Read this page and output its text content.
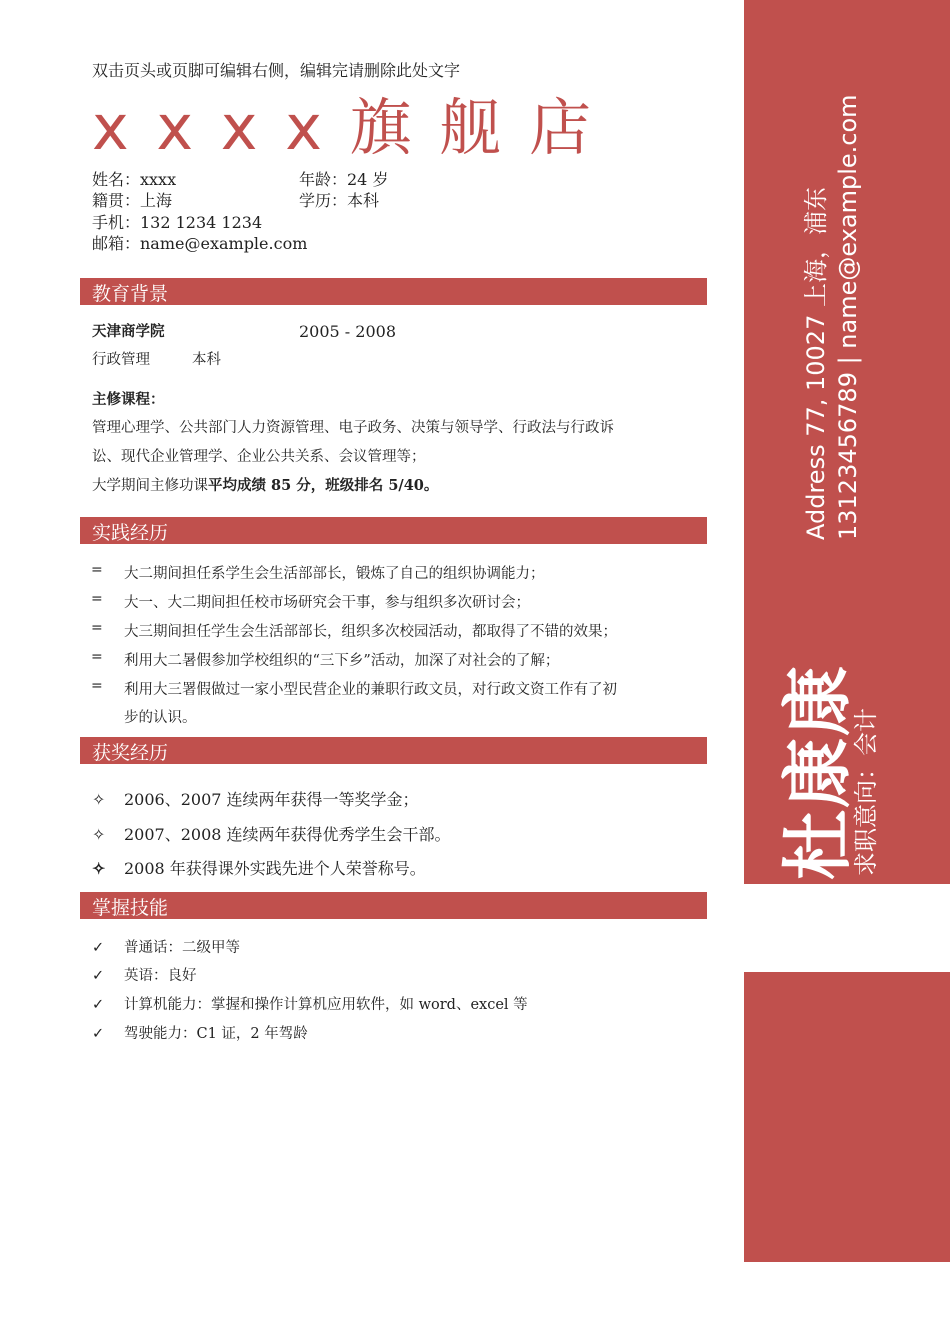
双击页头或页脚可编辑右侧，编辑完请删除此处文字
x x x x 旗 舰 店
姓名：xxxx	年龄：24 岁
籍贯：上海	学历：本科
手机：132 1234 1234
邮箱：name@example.com
教育背景
天津商学院	2005 - 2008
行政管理	本科
主修课程：
管理心理学、公共部门人力资源管理、电子政务、决策与领导学、行政法与行政诉
讼、现代企业管理学、企业公共关系、会议管理等；
大学期间主修功课平均成绩 85 分，班级排名 5/40。
实践经历
= 大二期间担任系学生会生活部部长，锻炼了自己的组织协调能力；
= 大一、大二期间担任校市场研究会干事，参与组织多次研讨会；
= 大三期间担任学生会生活部部长，组织多次校园活动，都取得了不错的效果；
= 利用大二暑假参加学校组织的“三下乡”活动，加深了对社会的了解；
= 利用大三署假做过一家小型民营企业的兼职行政文员，对行政文资工作有了初
步的认识。
获奖经历
✧ 2006、2007 连续两年获得一等奖学金；
✧ 2007、2008 连续两年获得优秀学生会干部。
✧ 2008 年获得课外实践先进个人荣誉称号。
掌握技能
✓ 普通话：二级甲等
✓ 英语：良好
✓ 计算机能力：掌握和操作计算机应用软件，如 word、excel 等
✓ 驾驶能力：C1 证，2 年驾龄
Address 77, 10027 上海，浦东 13123456789 | name@example.com
杜康康
求职意向：会计
